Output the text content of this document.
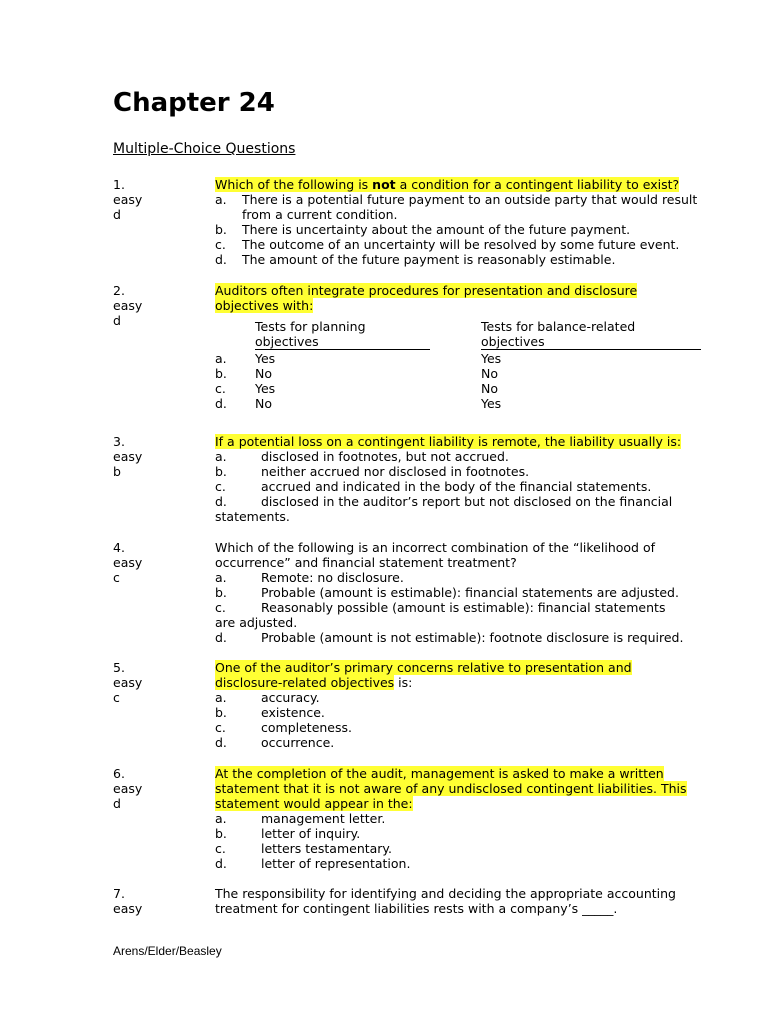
Chapter 24
Multiple-Choice Questions
1.
easy
d
Which of the following is not a condition for a contingent liability to exist?
a. There is a potential future payment to an outside party that would result from a current condition.
b. There is uncertainty about the amount of the future payment.
c. The outcome of an uncertainty will be resolved by some future event.
d. The amount of the future payment is reasonably estimable.
2.
easy
d
Auditors often integrate procedures for presentation and disclosure objectives with:
Tests for planning objectives
Tests for balance-related objectives
a. Yes	Yes
b. No	No
c. Yes	No
d. No	Yes
3.
easy
b
If a potential loss on a contingent liability is remote, the liability usually is:
a.	disclosed in footnotes, but not accrued.
b.	neither accrued nor disclosed in footnotes.
c.	accrued and indicated in the body of the financial statements.
d.	disclosed in the auditor’s report but not disclosed on the financial statements.
4.
easy
c
Which of the following is an incorrect combination of the “likelihood of occurrence” and financial statement treatment?
a.	Remote: no disclosure.
b.	Probable (amount is estimable): financial statements are adjusted.
c.	Reasonably possible (amount is estimable): financial statements are adjusted.
d.	Probable (amount is not estimable): footnote disclosure is required.
5.
easy
c
One of the auditor’s primary concerns relative to presentation and disclosure-related objectives is:
a.	accuracy.
b.	existence.
c.	completeness.
d.	occurrence.
6.
easy
d
At the completion of the audit, management is asked to make a written statement that it is not aware of any undisclosed contingent liabilities. This statement would appear in the:
a.	management letter.
b.	letter of inquiry.
c.	letters testamentary.
d.	letter of representation.
7.
easy
The responsibility for identifying and deciding the appropriate accounting treatment for contingent liabilities rests with a company’s _____.
Arens/Elder/Beasley
